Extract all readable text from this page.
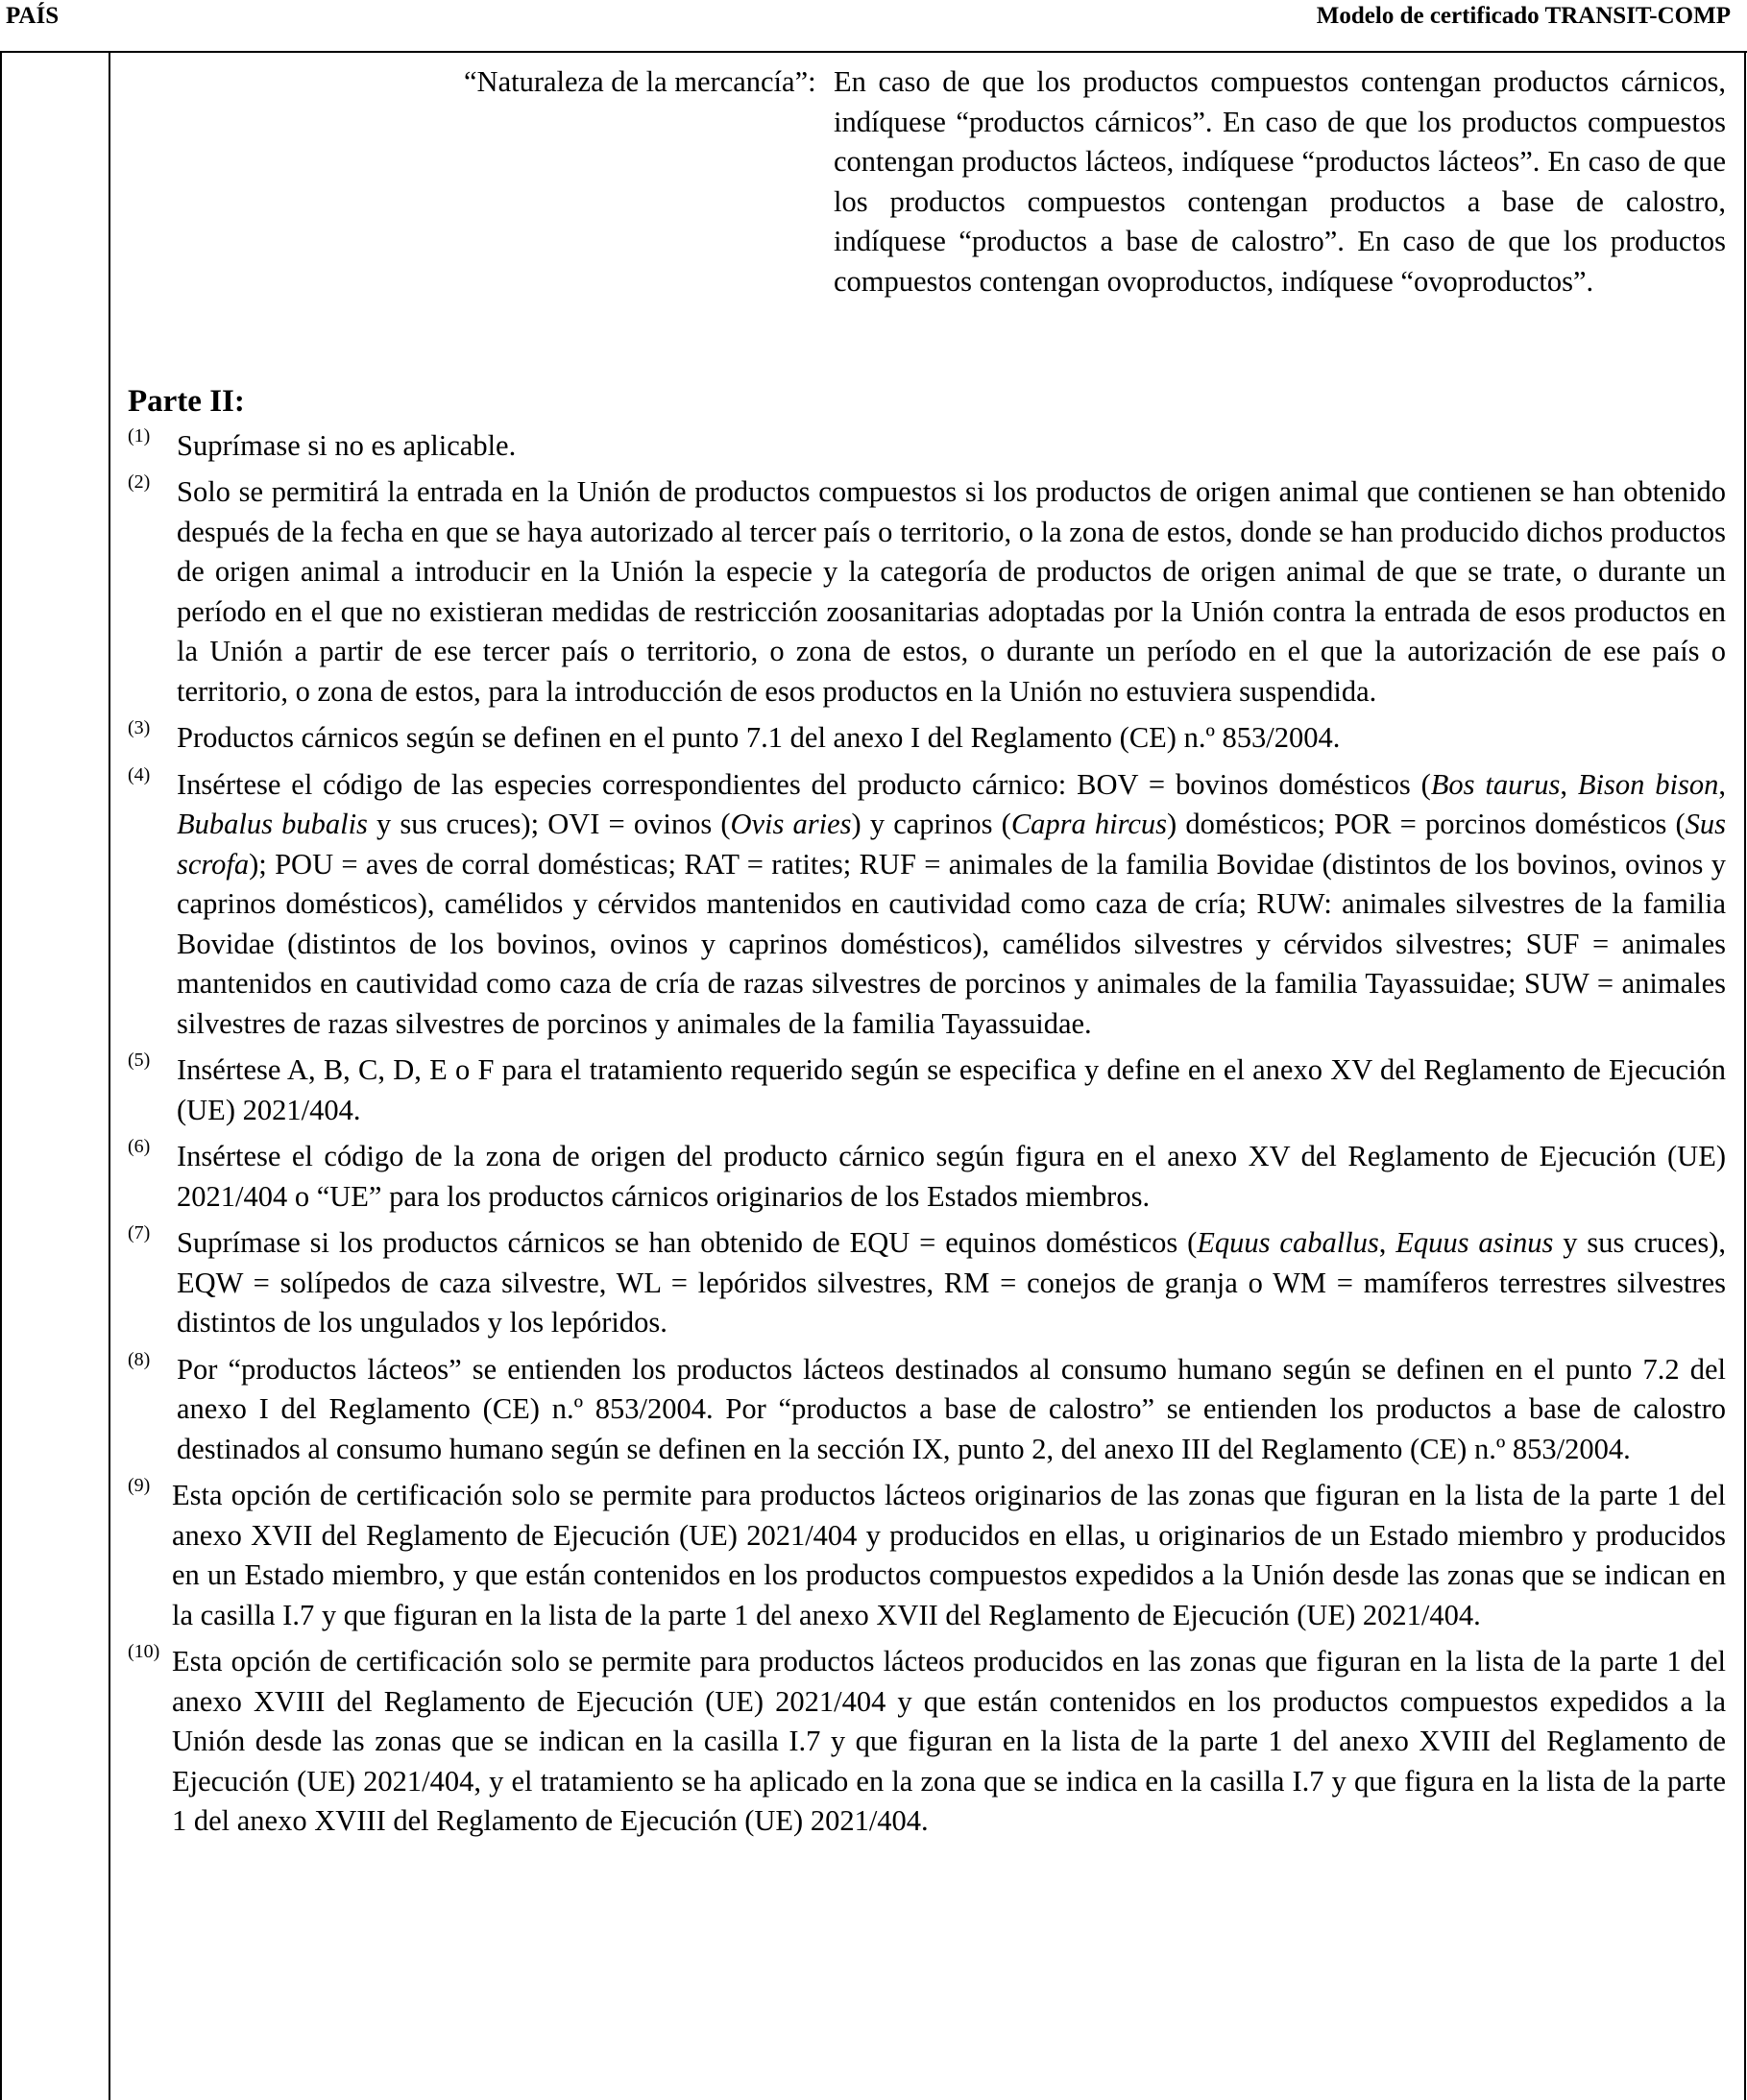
PAÍS	Modelo de certificado TRANSIT-COMP
“Naturaleza de la mercancía”: En caso de que los productos compuestos contengan productos cárnicos, indíquese “productos cárnicos”. En caso de que los productos compuestos contengan productos lácteos, indíquese “productos lácteos”. En caso de que los productos compuestos contengan productos a base de calostro, indíquese “productos a base de calostro”. En caso de que los productos compuestos contengan ovoproductos, indíquese “ovoproductos”.
Parte II:
(1) Suprímase si no es aplicable.
(2) Solo se permitirá la entrada en la Unión de productos compuestos si los productos de origen animal que contienen se han obtenido después de la fecha en que se haya autorizado al tercer país o territorio, o la zona de estos, donde se han producido dichos productos de origen animal a introducir en la Unión la especie y la categoría de productos de origen animal de que se trate, o durante un período en el que no existieran medidas de restricción zoosanitarias adoptadas por la Unión contra la entrada de esos productos en la Unión a partir de ese tercer país o territorio, o zona de estos, o durante un período en el que la autorización de ese país o territorio, o zona de estos, para la introducción de esos productos en la Unión no estuviera suspendida.
(3) Productos cárnicos según se definen en el punto 7.1 del anexo I del Reglamento (CE) n.º 853/2004.
(4) Insértese el código de las especies correspondientes del producto cárnico: BOV = bovinos domésticos (Bos taurus, Bison bison, Bubalus bubalis y sus cruces); OVI = ovinos (Ovis aries) y caprinos (Capra hircus) domésticos; POR = porcinos domésticos (Sus scrofa); POU = aves de corral domésticas; RAT = ratites; RUF = animales de la familia Bovidae (distintos de los bovinos, ovinos y caprinos domésticos), camélidos y cérvidos mantenidos en cautividad como caza de cría; RUW: animales silvestres de la familia Bovidae (distintos de los bovinos, ovinos y caprinos domésticos), camélidos silvestres y cérvidos silvestres; SUF = animales mantenidos en cautividad como caza de cría de razas silvestres de porcinos y animales de la familia Tayassuidae; SUW = animales silvestres de razas silvestres de porcinos y animales de la familia Tayassuidae.
(5) Insértese A, B, C, D, E o F para el tratamiento requerido según se especifica y define en el anexo XV del Reglamento de Ejecución (UE) 2021/404.
(6) Insértese el código de la zona de origen del producto cárnico según figura en el anexo XV del Reglamento de Ejecución (UE) 2021/404 o “UE” para los productos cárnicos originarios de los Estados miembros.
(7) Suprímase si los productos cárnicos se han obtenido de EQU = equinos domésticos (Equus caballus, Equus asinus y sus cruces), EQW = solípedos de caza silvestre, WL = lepóridos silvestres, RM = conejos de granja o WM = mamíferos terrestres silvestres distintos de los ungulados y los lepóridos.
(8) Por “productos lácteos” se entienden los productos lácteos destinados al consumo humano según se definen en el punto 7.2 del anexo I del Reglamento (CE) n.º 853/2004. Por “productos a base de calostro” se entienden los productos a base de calostro destinados al consumo humano según se definen en la sección IX, punto 2, del anexo III del Reglamento (CE) n.º 853/2004.
(9) Esta opción de certificación solo se permite para productos lácteos originarios de las zonas que figuran en la lista de la parte 1 del anexo XVII del Reglamento de Ejecución (UE) 2021/404 y producidos en ellas, u originarios de un Estado miembro y producidos en un Estado miembro, y que están contenidos en los productos compuestos expedidos a la Unión desde las zonas que se indican en la casilla I.7 y que figuran en la lista de la parte 1 del anexo XVII del Reglamento de Ejecución (UE) 2021/404.
(10) Esta opción de certificación solo se permite para productos lácteos producidos en las zonas que figuran en la lista de la parte 1 del anexo XVIII del Reglamento de Ejecución (UE) 2021/404 y que están contenidos en los productos compuestos expedidos a la Unión desde las zonas que se indican en la casilla I.7 y que figuran en la lista de la parte 1 del anexo XVIII del Reglamento de Ejecución (UE) 2021/404, y el tratamiento se ha aplicado en la zona que se indica en la casilla I.7 y que figura en la lista de la parte 1 del anexo XVIII del Reglamento de Ejecución (UE) 2021/404.
